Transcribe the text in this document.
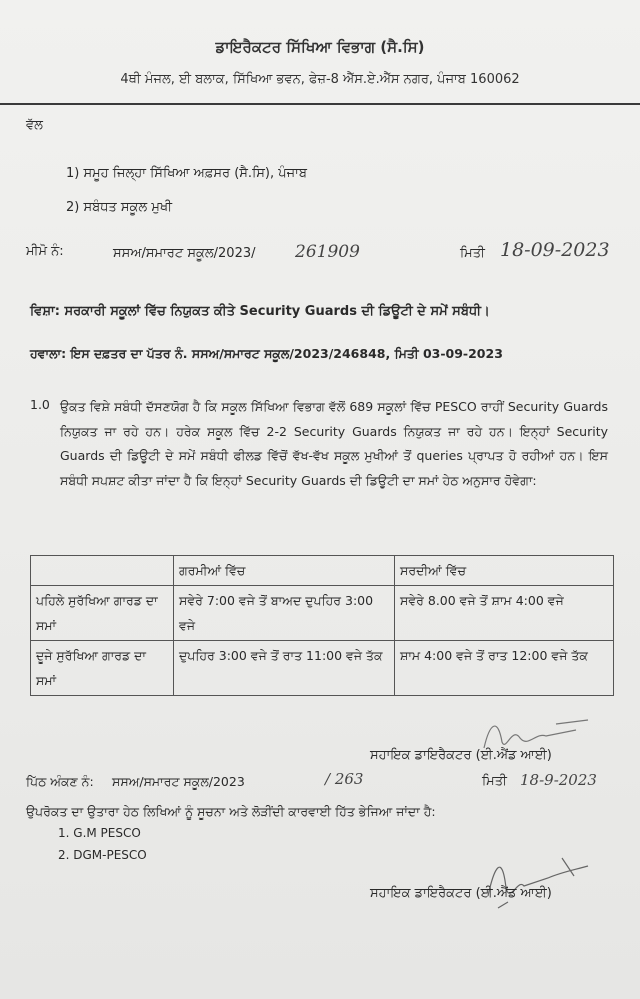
ਡਾਇਰੈਕਟਰ ਸਿੱਖਿਆ ਵਿਭਾਗ (ਸੈ.ਸਿ)
4ਥੀ ਮੰਜਲ, ਈ ਬਲਾਕ, ਸਿੱਖਿਆ ਭਵਨ, ਫੇਜ਼-8 ਐੱਸ.ਏ.ਐੱਸ ਨਗਰ, ਪੰਜਾਬ 160062
ਵੱਲ
1) ਸਮੂਹ ਜਿਲ੍ਹਾ ਸਿੱਖਿਆ ਅਫ਼ਸਰ (ਸੈ.ਸਿ), ਪੰਜਾਬ
2) ਸਬੰਧਤ ਸਕੂਲ ਮੁਖੀ
ਮੀਮੋ ਨੰ:	ਸਸਅ/ਸਮਾਰਟ ਸਕੂਲ/2023/ 261909	ਮਿਤੀ 18-09-2023
ਵਿਸ਼ਾ: ਸਰਕਾਰੀ ਸਕੂਲਾਂ ਵਿੱਚ ਨਿਯੁਕਤ ਕੀਤੇ Security Guards ਦੀ ਡਿਊਟੀ ਦੇ ਸਮੇਂ ਸਬੰਧੀ।
ਹਵਾਲਾ: ਇਸ ਦਫ਼ਤਰ ਦਾ ਪੱਤਰ ਨੰ. ਸਸਅ/ਸਮਾਰਟ ਸਕੂਲ/2023/246848, ਮਿਤੀ 03-09-2023
1.0 ਉਕਤ ਵਿਸ਼ੇ ਸਬੰਧੀ ਦੱਸਣਯੋਗ ਹੈ ਕਿ ਸਕੂਲ ਸਿੱਖਿਆ ਵਿਭਾਗ ਵੱਲੋਂ 689 ਸਕੂਲਾਂ ਵਿੱਚ PESCO ਰਾਹੀਂ Security Guards ਨਿਯੁਕਤ ਜਾ ਰਹੇ ਹਨ। ਹਰੇਕ ਸਕੂਲ ਵਿੱਚ 2-2 Security Guards ਨਿਯੁਕਤ ਜਾ ਰਹੇ ਹਨ। ਇਨ੍ਹਾਂ Security Guards ਦੀ ਡਿਊਟੀ ਦੇ ਸਮੇਂ ਸਬੰਧੀ ਫੀਲਡ ਵਿੱਚੋਂ ਵੱਖ-ਵੱਖ ਸਕੂਲ ਮੁਖੀਆਂ ਤੋਂ queries ਪ੍ਰਾਪਤ ਹੋ ਰਹੀਆਂ ਹਨ। ਇਸ ਸਬੰਧੀ ਸਪਸ਼ਟ ਕੀਤਾ ਜਾਂਦਾ ਹੈ ਕਿ ਇਨ੍ਹਾਂ Security Guards ਦੀ ਡਿਊਟੀ ਦਾ ਸਮਾਂ ਹੇਠ ਅਨੁਸਾਰ ਹੋਵੇਗਾ:
	ਗਰਮੀਆਂ ਵਿੱਚ	ਸਰਦੀਆਂ ਵਿੱਚ
ਪਹਿਲੇ ਸੁਰੱਖਿਆ ਗਾਰਡ ਦਾ ਸਮਾਂ	ਸਵੇਰੇ 7:00 ਵਜੇ ਤੋਂ ਬਾਅਦ ਦੁਪਹਿਰ 3:00 ਵਜੇ	ਸਵੇਰੇ 8.00 ਵਜੇ ਤੋਂ ਸ਼ਾਮ 4:00 ਵਜੇ
ਦੂਜੇ ਸੁਰੱਖਿਆ ਗਾਰਡ ਦਾ ਸਮਾਂ	ਦੁਪਹਿਰ 3:00 ਵਜੇ ਤੋਂ ਰਾਤ 11:00 ਵਜੇ ਤੱਕ	ਸ਼ਾਮ 4:00 ਵਜੇ ਤੋਂ ਰਾਤ 12:00 ਵਜੇ ਤੱਕ
ਸਹਾਇਕ ਡਾਇਰੈਕਟਰ (ਈ.ਐਂਡ ਆਈ)
ਪਿੱਠ ਅੰਕਣ ਨੰ: ਸਸਅ/ਸਮਾਰਟ ਸਕੂਲ/2023	/ 263	ਮਿਤੀ 18-9-2023
ਉਪਰੋਕਤ ਦਾ ਉਤਾਰਾ ਹੇਠ ਲਿਖਿਆਂ ਨੂੰ ਸੂਚਨਾ ਅਤੇ ਲੋੜੀਂਦੀ ਕਾਰਵਾਈ ਹਿੱਤ ਭੇਜਿਆ ਜਾਂਦਾ ਹੈ:
1. G.M PESCO
2. DGM-PESCO
ਸਹਾਇਕ ਡਾਇਰੈਕਟਰ (ਈ.ਐਂਡ ਆਈ)
